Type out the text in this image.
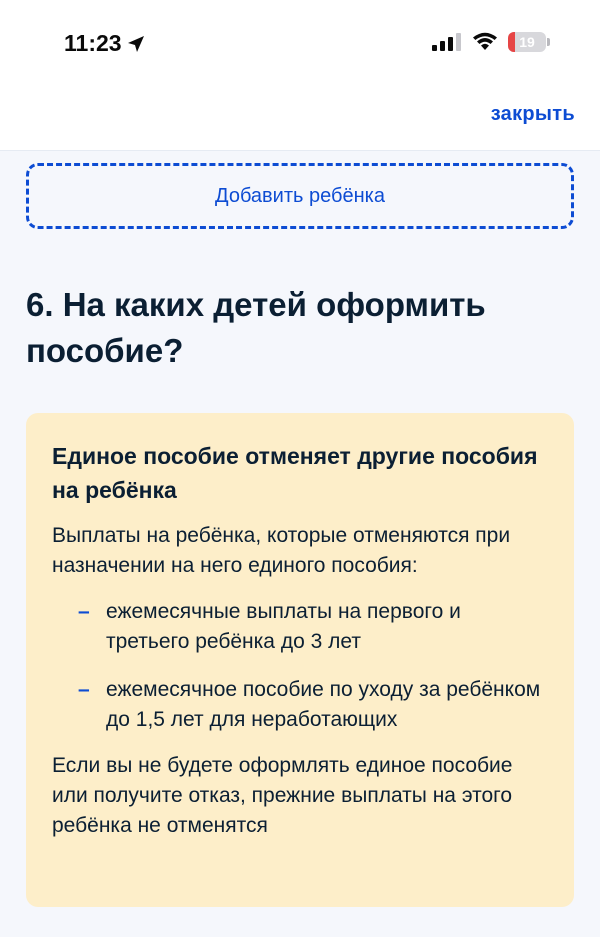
11:23	19
закрыть
Добавить ребёнка
6. На каких детей оформить пособие?
Единое пособие отменяет другие пособия на ребёнка

Выплаты на ребёнка, которые отменяются при назначении на него единого пособия:

– ежемесячные выплаты на первого и третьего ребёнка до 3 лет
– ежемесячное пособие по уходу за ребёнком до 1,5 лет для неработающих

Если вы не будете оформлять единое пособие или получите отказ, прежние выплаты на этого ребёнка не отменятся
